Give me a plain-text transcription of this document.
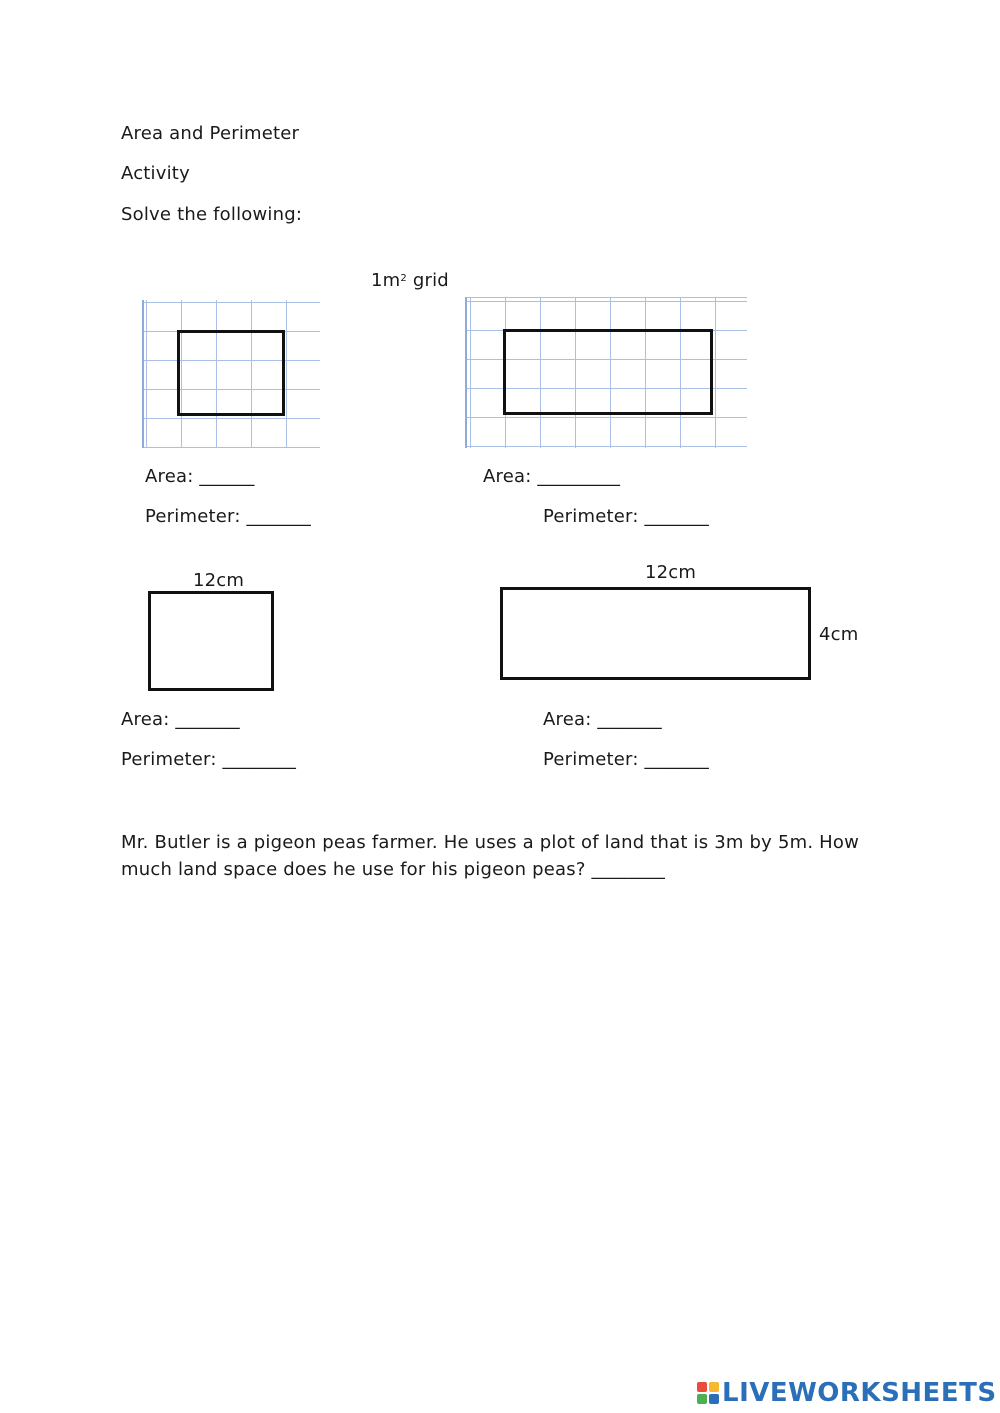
Area and Perimeter
Activity
Solve the following:
$1m^2$ grid
Area: ______
Perimeter: _______
Area: _________
Perimeter: _______
12cm
Area: _______
Perimeter: ________
12cm
4cm
Area: _______
Perimeter: _______
Mr. Butler is a pigeon peas farmer. He uses a plot of land that is 3m by 5m. How much land space does he use for his pigeon peas? ________
LIVEWORKSHEETS
